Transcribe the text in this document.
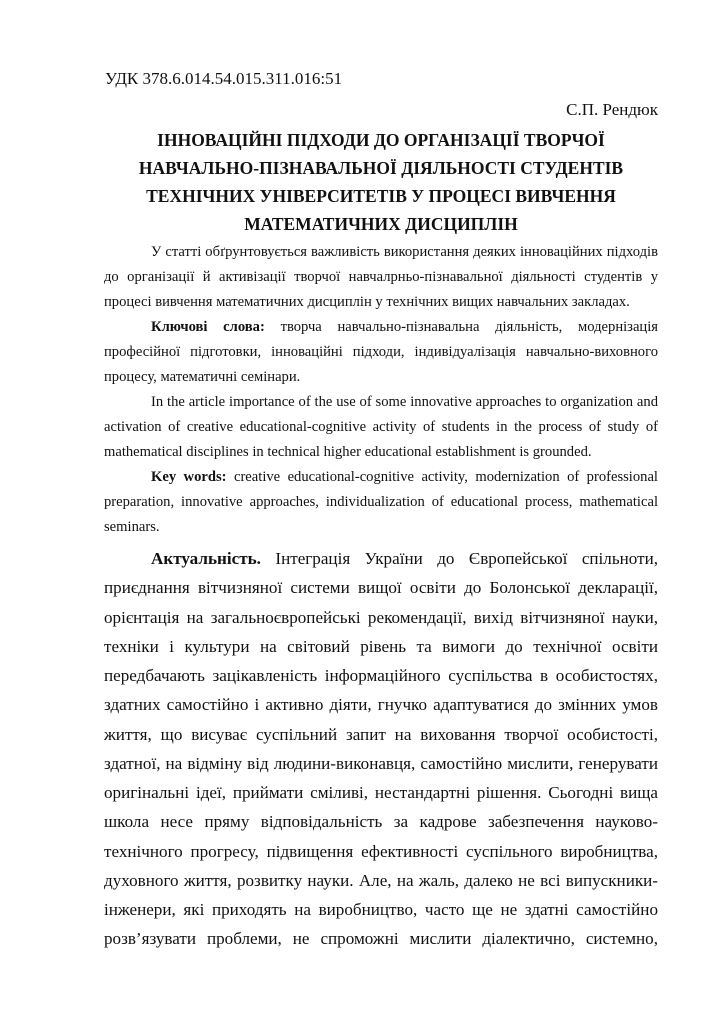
УДК 378.6.014.54.015.311.016:51
С.П. Рендюк
ІННОВАЦІЙНІ ПІДХОДИ ДО ОРГАНІЗАЦІЇ ТВОРЧОЇ
НАВЧАЛЬНО-ПІЗНАВАЛЬНОЇ ДІЯЛЬНОСТІ СТУДЕНТІВ
ТЕХНІЧНИХ УНІВЕРСИТЕТІВ У ПРОЦЕСІ ВИВЧЕННЯ
МАТЕМАТИЧНИХ ДИСЦИПЛІН
У статті обґрунтовується важливість використання деяких інноваційних підходів
до організації й активізації творчої навчалрньо-пізнавальної діяльності студентів у
процесі вивчення математичних дисциплін у технічних вищих навчальних закладах.
Ключові слова: творча навчально-пізнавальна діяльність, модернізація
професійної підготовки, інноваційні підходи, індивідуалізація навчально-виховного
процесу, математичні семінари.
In the article importance of the use of some innovative approaches to organization and
activation of creative educational-cognitive activity of students in the process of study of
mathematical disciplines in technical higher educational establishment is grounded.
Key words: creative educational-cognitive activity, modernization of professional
preparation, innovative approaches, individualization of educational process, mathematical
seminars.
Актуальність. Інтеграція України до Європейської спільноти,
приєднання вітчизняної системи вищої освіти до Болонської декларації,
орієнтація на загальноєвропейські рекомендації, вихід вітчизняної науки,
техніки і культури на світовий рівень та вимоги до технічної освіти
передбачають зацікавленість інформаційного суспільства в особистостях,
здатних самостійно і активно діяти, гнучко адаптуватися до змінних умов
життя, що висуває суспільний запит на виховання творчої особистості,
здатної, на відміну від людини-виконавця, самостійно мислити, генерувати
оригінальні ідеї, приймати сміливі, нестандартні рішення. Сьогодні вища
школа несе пряму відповідальність за кадрове забезпечення науково-
технічного прогресу, підвищення ефективності суспільного виробництва,
духовного життя, розвитку науки. Але, на жаль, далеко не всі випускники-
інженери, які приходять на виробництво, часто ще не здатні самостійно
розв’язувати проблеми, не спроможні мислити діалектично, системно,
